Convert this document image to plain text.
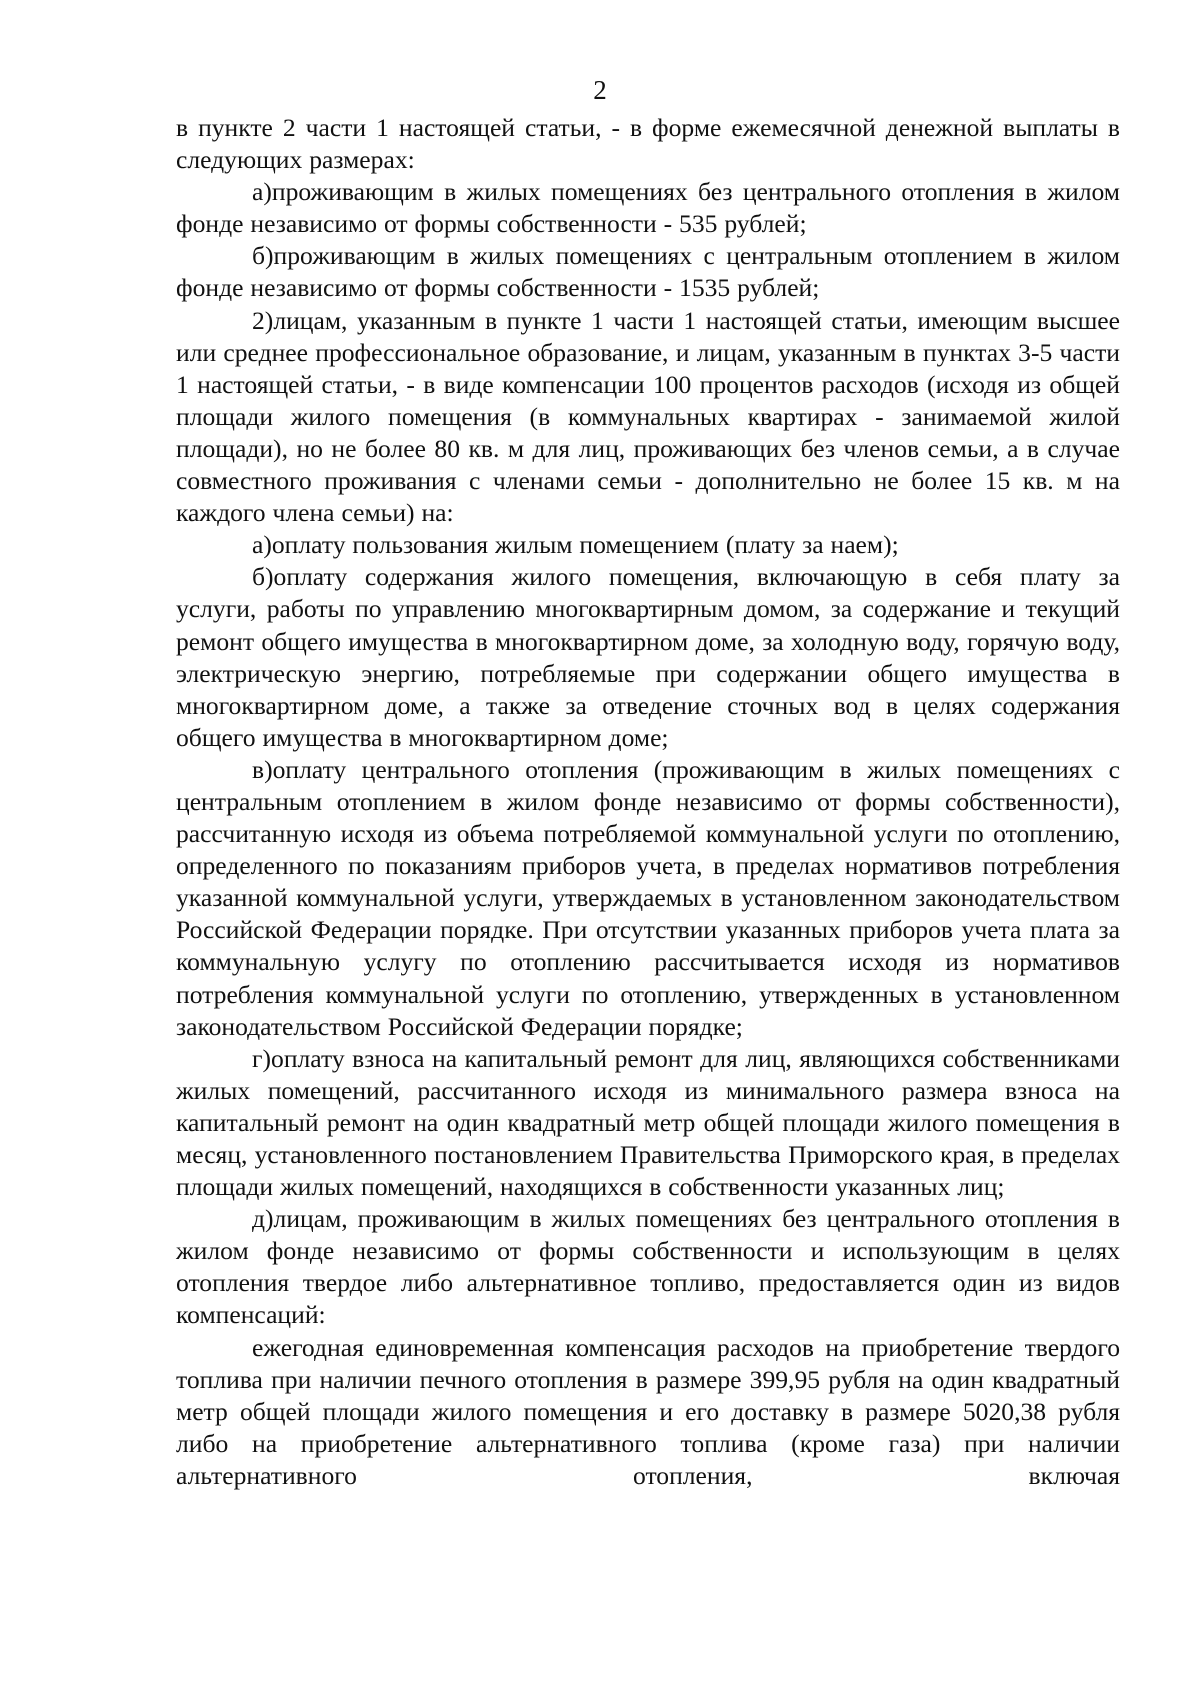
2

в пункте 2 части 1 настоящей статьи, - в форме ежемесячной денежной выплаты в следующих размерах:

а)проживающим в жилых помещениях без центрального отопления в жилом фонде независимо от формы собственности - 535 рублей;

б)проживающим в жилых помещениях с центральным отоплением в жилом фонде независимо от формы собственности - 1535 рублей;

2)лицам, указанным в пункте 1 части 1 настоящей статьи, имеющим высшее или среднее профессиональное образование, и лицам, указанным в пунктах 3-5 части 1 настоящей статьи, - в виде компенсации 100 процентов расходов (исходя из общей площади жилого помещения (в коммунальных квартирах - занимаемой жилой площади), но не более 80 кв. м для лиц, проживающих без членов семьи, а в случае совместного проживания с членами семьи - дополнительно не более 15 кв. м на каждого члена семьи) на:

а)оплату пользования жилым помещением (плату за наем);

б)оплату содержания жилого помещения, включающую в себя плату за услуги, работы по управлению многоквартирным домом, за содержание и текущий ремонт общего имущества в многоквартирном доме, за холодную воду, горячую воду, электрическую энергию, потребляемые при содержании общего имущества в многоквартирном доме, а также за отведение сточных вод в целях содержания общего имущества в многоквартирном доме;

в)оплату центрального отопления (проживающим в жилых помещениях с центральным отоплением в жилом фонде независимо от формы собственности), рассчитанную исходя из объема потребляемой коммунальной услуги по отоплению, определенного по показаниям приборов учета, в пределах нормативов потребления указанной коммунальной услуги, утверждаемых в установленном законодательством Российской Федерации порядке. При отсутствии указанных приборов учета плата за коммунальную услугу по отоплению рассчитывается исходя из нормативов потребления коммунальной услуги по отоплению, утвержденных в установленном законодательством Российской Федерации порядке;

г)оплату взноса на капитальный ремонт для лиц, являющихся собственниками жилых помещений, рассчитанного исходя из минимального размера взноса на капитальный ремонт на один квадратный метр общей площади жилого помещения в месяц, установленного постановлением Правительства Приморского края, в пределах площади жилых помещений, находящихся в собственности указанных лиц;

д)лицам, проживающим в жилых помещениях без центрального отопления в жилом фонде независимо от формы собственности и использующим в целях отопления твердое либо альтернативное топливо, предоставляется один из видов компенсаций:

ежегодная единовременная компенсация расходов на приобретение твердого топлива при наличии печного отопления в размере 399,95 рубля на один квадратный метр общей площади жилого помещения и его доставку в размере 5020,38 рубля либо на приобретение альтернативного топлива (кроме газа) при наличии альтернативного отопления, включая
